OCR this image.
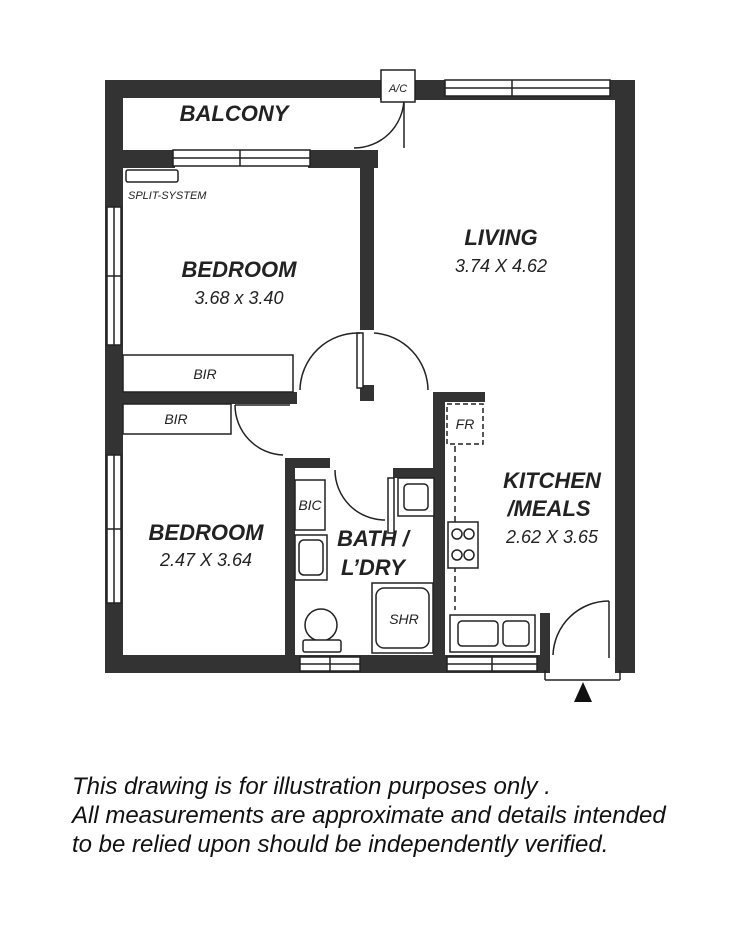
BALCONY
LIVING
3.74 X 4.62
BEDROOM
3.68 x 3.40
BEDROOM
2.47 X 3.64
KITCHEN
/MEALS
2.62 X 3.65
BATH /
L’DRY
A/C
SPLIT-SYSTEM
BIR
BIR	FR
BIC
SHR
This drawing is for illustration purposes only .
All measurements are approximate and details intended
to be relied upon should be independently verified.
